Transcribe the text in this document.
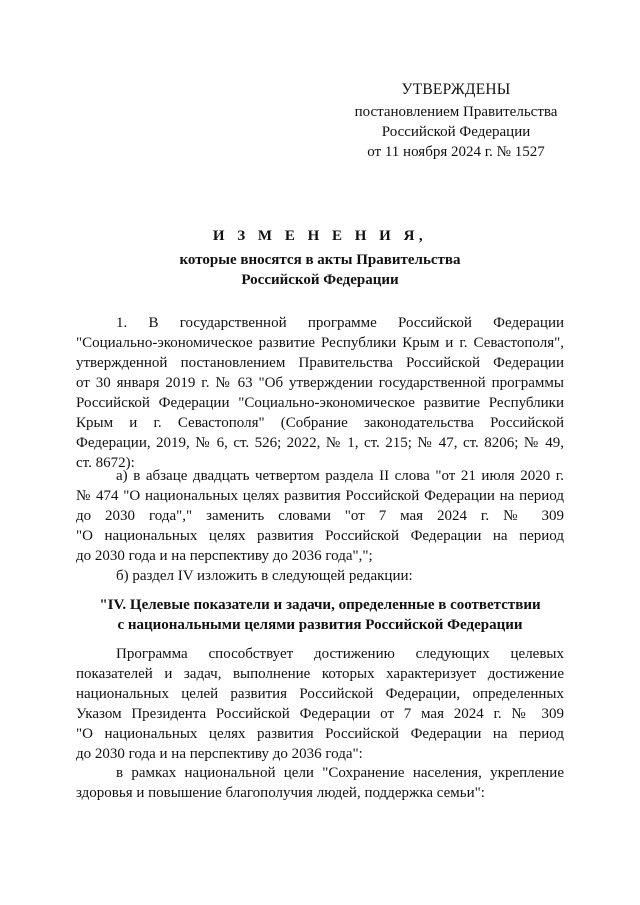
УТВЕРЖДЕНЫ
постановлением Правительства
Российской Федерации
от 11 ноября 2024 г. № 1527
И З М Е Н Е Н И Я,
которые вносятся в акты Правительства
Российской Федерации
1. В государственной программе Российской Федерации
"Социально-экономическое развитие Республики Крым и г. Севастополя",
утвержденной постановлением Правительства Российской Федерации
от 30 января 2019 г. № 63 "Об утверждении государственной программы
Российской Федерации "Социально-экономическое развитие Республики
Крым и г. Севастополя" (Собрание законодательства Российской
Федерации, 2019, № 6, ст. 526; 2022, № 1, ст. 215; № 47, ст. 8206; № 49,
ст. 8672):
а) в абзаце двадцать четвертом раздела II слова "от 21 июля 2020 г.
№ 474 "О национальных целях развития Российской Федерации на период
до 2030 года"," заменить словами "от 7 мая 2024 г. № 309
"О национальных целях развития Российской Федерации на период
до 2030 года и на перспективу до 2036 года",";
б) раздел IV изложить в следующей редакции:
"IV. Целевые показатели и задачи, определенные в соответствии
с национальными целями развития Российской Федерации
Программа способствует достижению следующих целевых
показателей и задач, выполнение которых характеризует достижение
национальных целей развития Российской Федерации, определенных
Указом Президента Российской Федерации от 7 мая 2024 г. № 309
"О национальных целях развития Российской Федерации на период
до 2030 года и на перспективу до 2036 года":
в рамках национальной цели "Сохранение населения, укрепление
здоровья и повышение благополучия людей, поддержка семьи":
